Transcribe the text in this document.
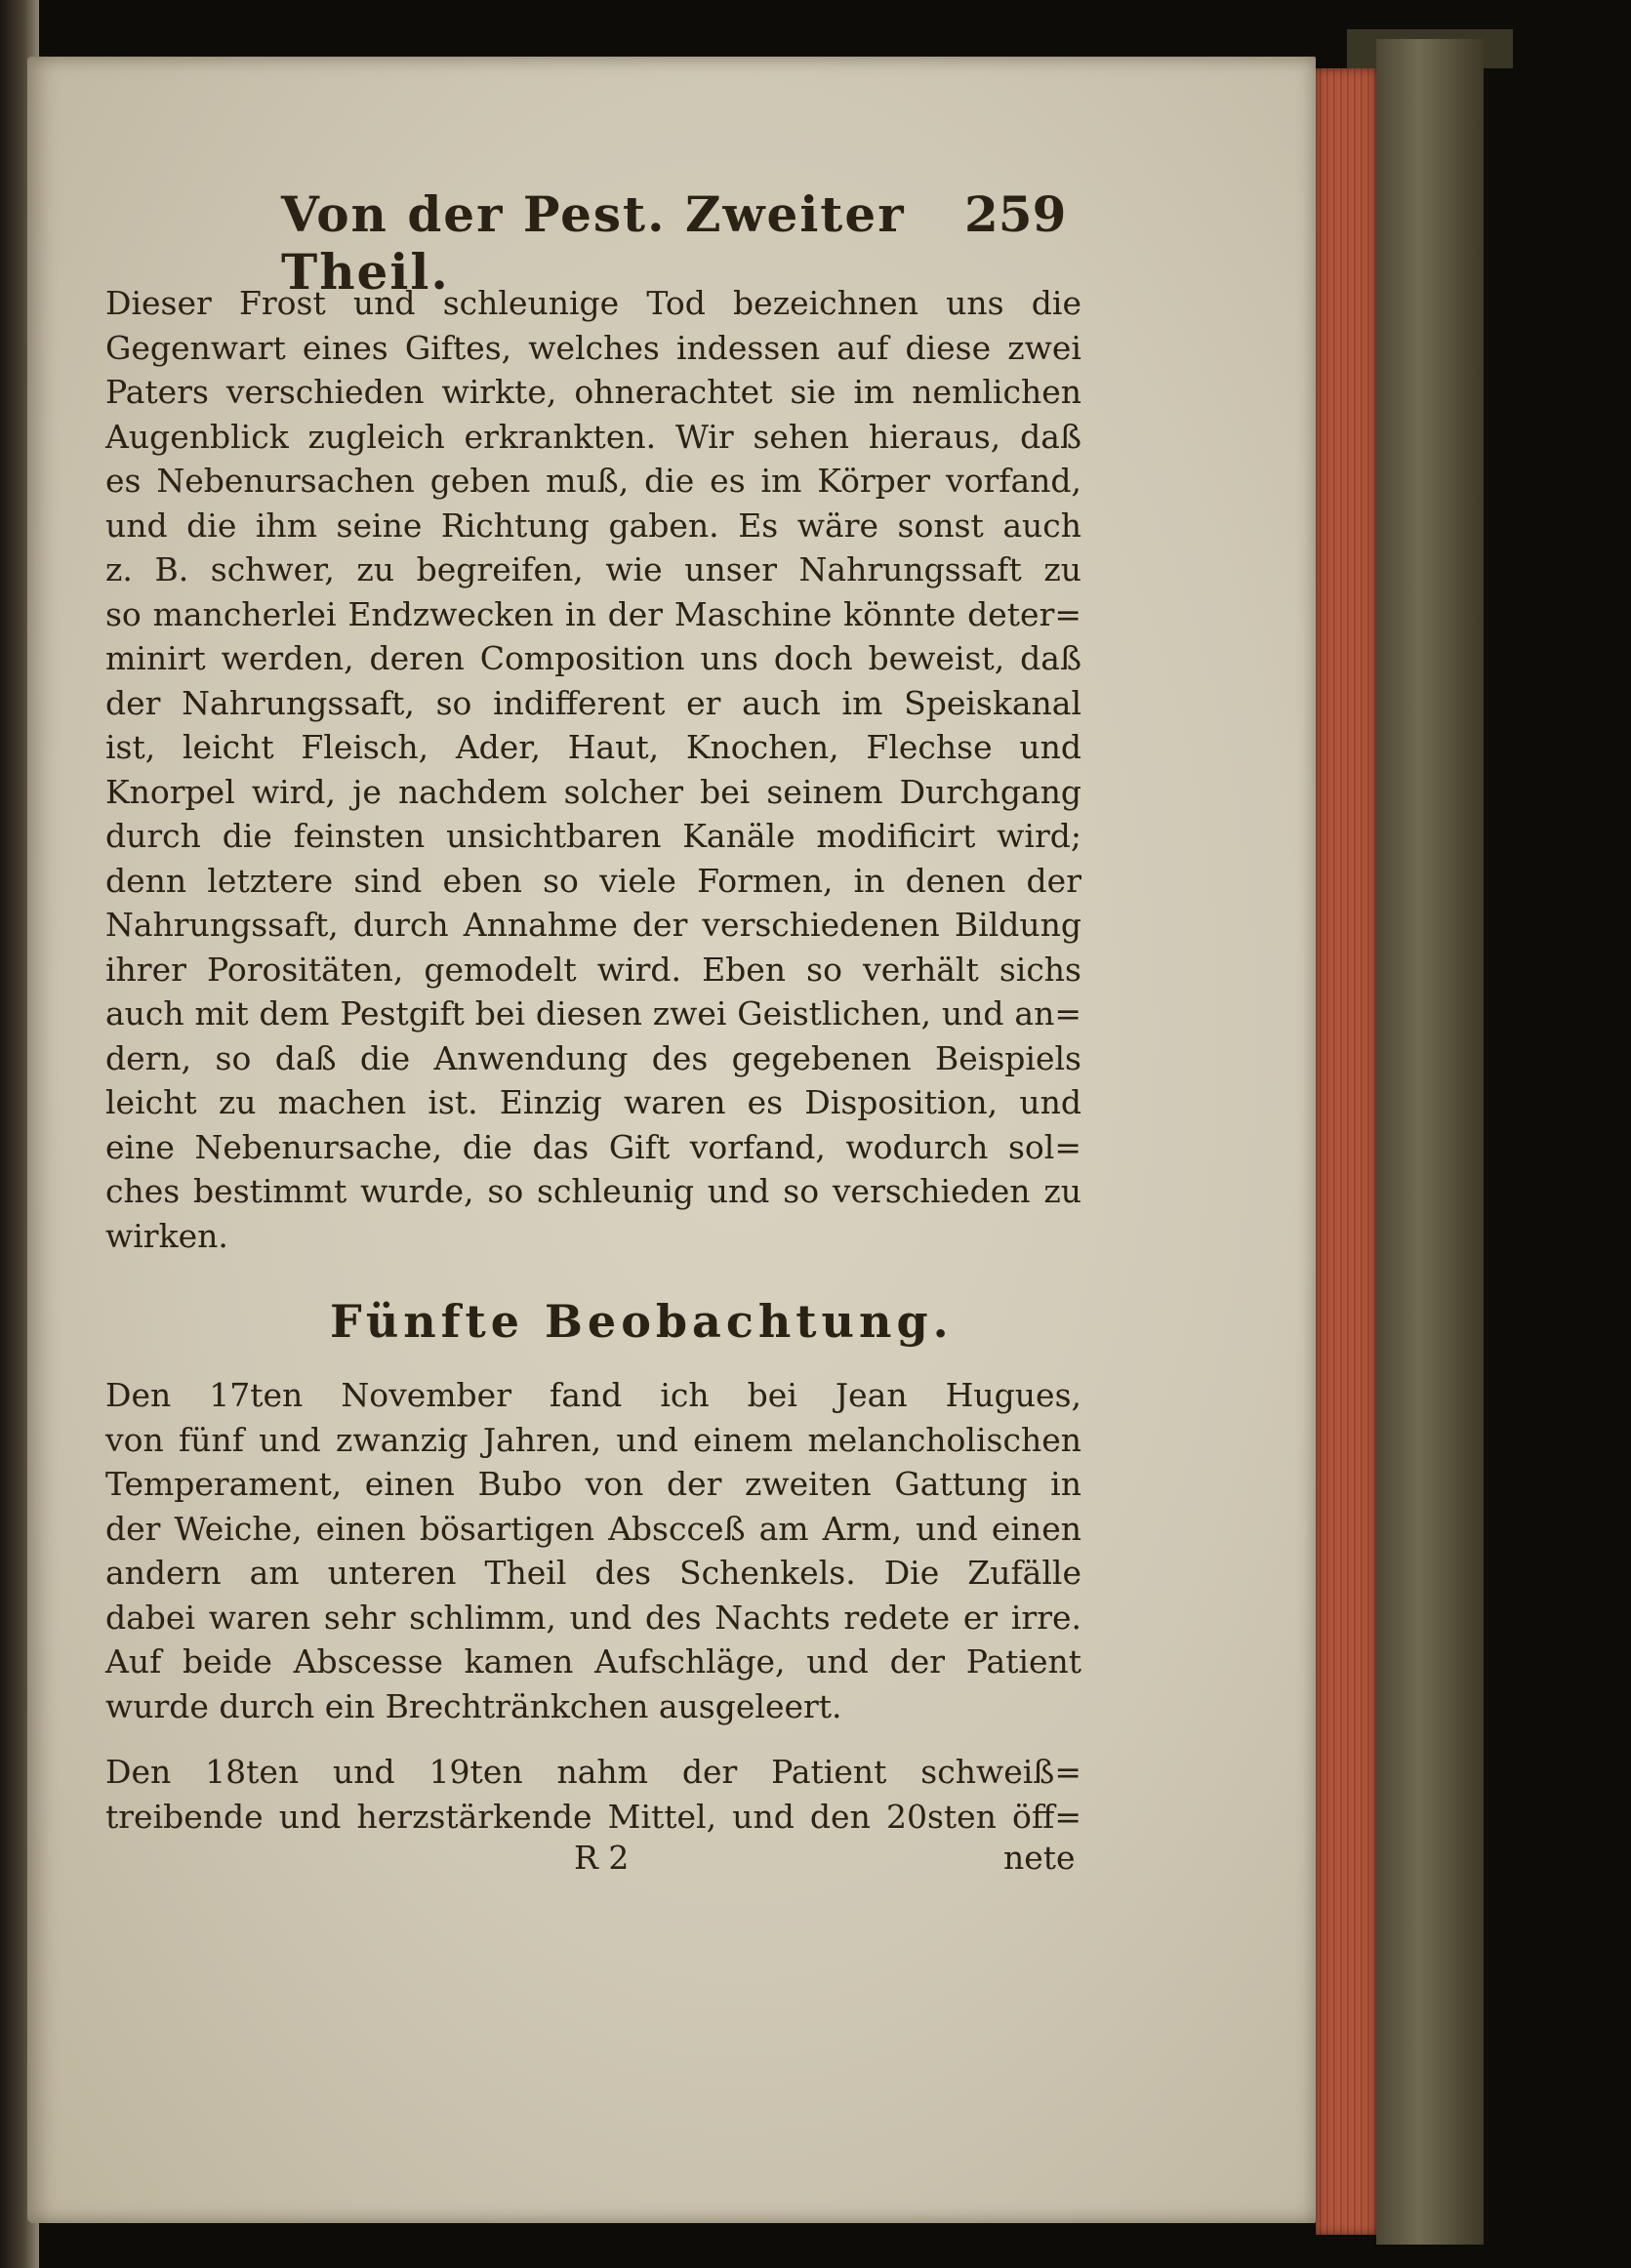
Von der Pest. Zweiter Theil.
259

Dieser Frost und schleunige Tod bezeichnen uns die
Gegenwart eines Giftes, welches indessen auf diese zwei
Paters verschieden wirkte, ohnerachtet sie im nemlichen
Augenblick zugleich erkrankten. Wir sehen hieraus, daß
es Nebenursachen geben muß, die es im Körper vorfand,
und die ihm seine Richtung gaben. Es wäre sonst auch
z. B. schwer, zu begreifen, wie unser Nahrungssaft zu
so mancherlei Endzwecken in der Maschine könnte deter=
minirt werden, deren Composition uns doch beweist, daß
der Nahrungssaft, so indifferent er auch im Speiskanal
ist, leicht Fleisch, Ader, Haut, Knochen, Flechse und
Knorpel wird, je nachdem solcher bei seinem Durchgang
durch die feinsten unsichtbaren Kanäle modificirt wird;
denn letztere sind eben so viele Formen, in denen der
Nahrungssaft, durch Annahme der verschiedenen Bildung
ihrer Porositäten, gemodelt wird. Eben so verhält sichs
auch mit dem Pestgift bei diesen zwei Geistlichen, und an=
dern, so daß die Anwendung des gegebenen Beispiels
leicht zu machen ist. Einzig waren es Disposition, und
eine Nebenursache, die das Gift vorfand, wodurch sol=
ches bestimmt wurde, so schleunig und so verschieden zu
wirken.

Fünfte Beobachtung.

Den 17ten November fand ich bei Jean Hugues,
von fünf und zwanzig Jahren, und einem melancholischen
Temperament, einen Bubo von der zweiten Gattung in
der Weiche, einen bösartigen Abscceß am Arm, und einen
andern am unteren Theil des Schenkels. Die Zufälle
dabei waren sehr schlimm, und des Nachts redete er irre.
Auf beide Abscesse kamen Aufschläge, und der Patient
wurde durch ein Brechtränkchen ausgeleert.

Den 18ten und 19ten nahm der Patient schweiß=
treibende und herzstärkende Mittel, und den 20sten öff=

R 2	nete
